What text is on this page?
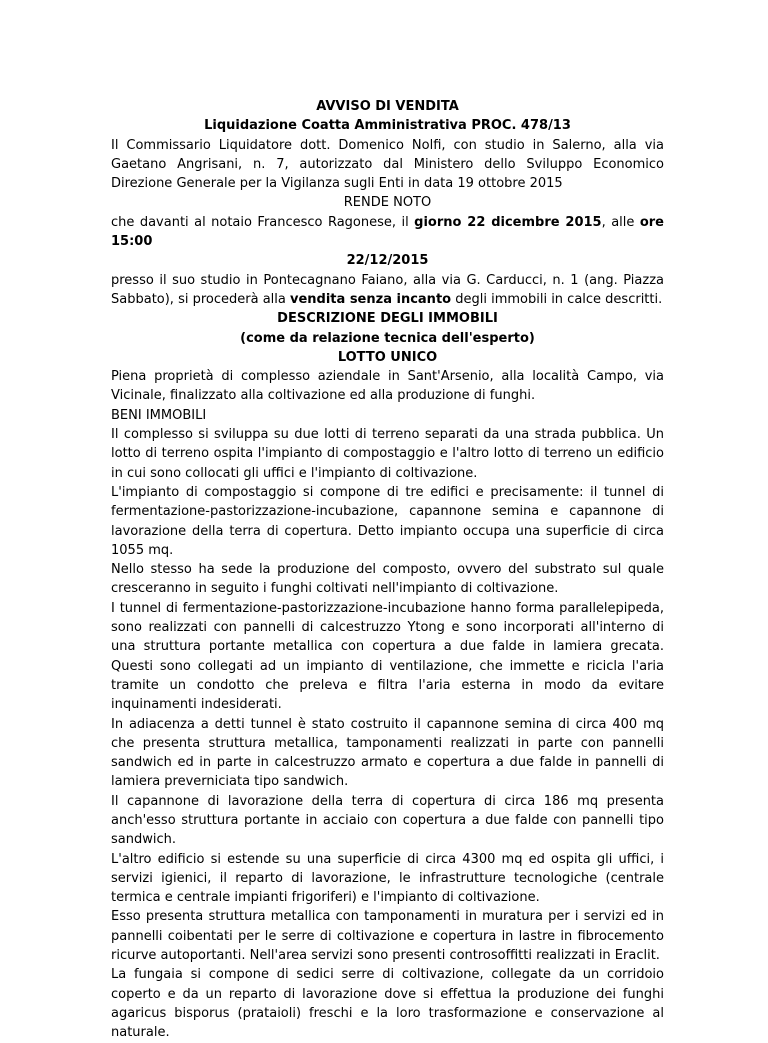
AVVISO DI VENDITA

Liquidazione Coatta Amministrativa PROC. 478/13

Il Commissario Liquidatore dott. Domenico Nolfi, con studio in Salerno, alla via Gaetano Angrisani, n. 7, autorizzato dal Ministero dello Sviluppo Economico Direzione Generale per la Vigilanza sugli Enti in data 19 ottobre 2015

RENDE NOTO

che davanti al notaio Francesco Ragonese, il giorno 22 dicembre 2015, alle ore 15:00

22/12/2015

presso il suo studio in Pontecagnano Faiano, alla via G. Carducci, n. 1 (ang. Piazza Sabbato), si procederà alla vendita senza incanto degli immobili in calce descritti.

DESCRIZIONE DEGLI IMMOBILI

(come da relazione tecnica dell'esperto)

LOTTO UNICO

Piena proprietà di complesso aziendale in Sant'Arsenio, alla località Campo, via Vicinale, finalizzato alla coltivazione ed alla produzione di funghi.

BENI IMMOBILI

Il complesso si sviluppa su due lotti di terreno separati da una strada pubblica. Un lotto di terreno ospita l'impianto di compostaggio e l'altro lotto di terreno un edificio in cui sono collocati gli uffici e l'impianto di coltivazione.

L'impianto di compostaggio si compone di tre edifici e precisamente: il tunnel di fermentazione-pastorizzazione-incubazione, capannone semina e capannone di lavorazione della terra di copertura. Detto impianto occupa una superficie di circa 1055 mq.

Nello stesso ha sede la produzione del composto, ovvero del substrato sul quale cresceranno in seguito i funghi coltivati nell'impianto di coltivazione.

I tunnel di fermentazione-pastorizzazione-incubazione hanno forma parallelepipeda, sono realizzati con pannelli di calcestruzzo Ytong e sono incorporati all'interno di una struttura portante metallica con copertura a due falde in lamiera grecata. Questi sono collegati ad un impianto di ventilazione, che immette e ricicla l'aria tramite un condotto che preleva e filtra l'aria esterna in modo da evitare inquinamenti indesiderati.

In adiacenza a detti tunnel è stato costruito il capannone semina di circa 400 mq che presenta struttura metallica, tamponamenti realizzati in parte con pannelli sandwich ed in parte in calcestruzzo armato e copertura a due falde in pannelli di lamiera preverniciata tipo sandwich.

Il capannone di lavorazione della terra di copertura di circa 186 mq presenta anch'esso struttura portante in acciaio con copertura a due falde con pannelli tipo sandwich.

L'altro edificio si estende su una superficie di circa 4300 mq ed ospita gli uffici, i servizi igienici, il reparto di lavorazione, le infrastrutture tecnologiche (centrale termica e centrale impianti frigoriferi) e l'impianto di coltivazione.

Esso presenta struttura metallica con tamponamenti in muratura per i servizi ed in pannelli coibentati per le serre di coltivazione e copertura in lastre in fibrocemento ricurve autoportanti. Nell'area servizi sono presenti controsoffitti realizzati in Eraclit.

La fungaia si compone di sedici serre di coltivazione, collegate da un corridoio coperto e da un reparto di lavorazione dove si effettua la produzione dei funghi agaricus bisporus (prataioli) freschi e la loro trasformazione e conservazione al naturale.
